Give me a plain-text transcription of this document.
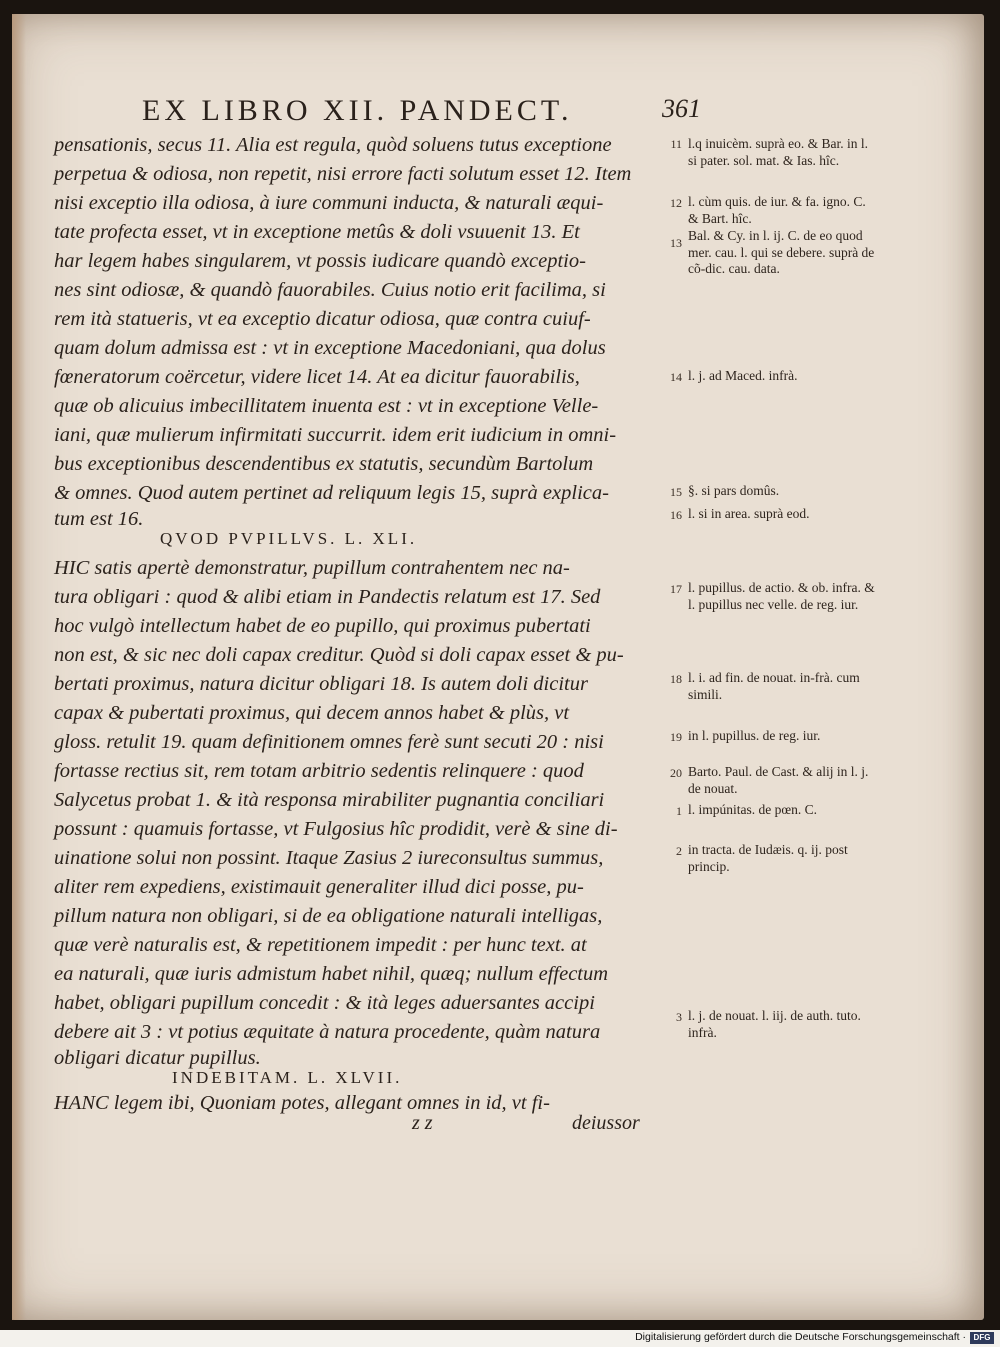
EX LIBRO XII. PANDECT.	361
pensationis, secus 11. Alia est regula, quòd soluens tutus exceptione
perpetua & odiosa, non repetit, nisi errore facti solutum esset 12. Item
nisi exceptio illa odiosa, à iure communi inducta, & naturali æqui-
tate profecta esset, vt in exceptione metûs & doli vsuuenit 13. Et
har legem habes singularem, vt possis iudicare quandò exceptio-
nes sint odiosæ, & quandò fauorabiles. Cuius notio erit facilima, si
rem ità statueris, vt ea exceptio dicatur odiosa, quæ contra cuiuf-
quam dolum admissa est : vt in exceptione Macedoniani, qua dolus
fœneratorum coërcetur, videre licet 14. At ea dicitur fauorabilis,
quæ ob alicuius imbecillitatem inuenta est : vt in exceptione Velle-
iani, quæ mulierum infirmitati succurrit. idem erit iudicium in omni-
bus exceptionibus descendentibus ex statutis, secundùm Bartolum
& omnes. Quod autem pertinet ad reliquum legis 15, suprà explica-
tum est 16.
QVOD PVPILLVS. L. XLI.
HIC satis apertè demonstratur, pupillum contrahentem nec na-
tura obligari : quod & alibi etiam in Pandectis relatum est 17. Sed
hoc vulgò intellectum habet de eo pupillo, qui proximus pubertati
non est, & sic nec doli capax creditur. Quòd si doli capax esset & pu-
bertati proximus, natura dicitur obligari 18. Is autem doli dicitur
capax & pubertati proximus, qui decem annos habet & plùs, vt
gloss. retulit 19. quam definitionem omnes ferè sunt secuti 20 : nisi
fortasse rectius sit, rem totam arbitrio sedentis relinquere : quod
Salycetus probat 1. & ità responsa mirabiliter pugnantia conciliari
possunt : quamuis fortasse, vt Fulgosius hîc prodidit, verè & sine di-
uinatione solui non possint. Itaque Zasius 2 iureconsultus summus,
aliter rem expediens, existimauit generaliter illud dici posse, pu-
pillum natura non obligari, si de ea obligatione naturali intelligas,
quæ verè naturalis est, & repetitionem impedit : per hunc text. at
ea naturali, quæ iuris admistum habet nihil, quæq; nullum effectum
habet, obligari pupillum concedit : & ità leges aduersantes accipi
debere ait 3 : vt potius æquitate à natura procedente, quàm natura
obligari dicatur pupillus.
INDEBITAM. L. XLVII.
HANC legem ibi, Quoniam potes, allegant omnes in id, vt fi-
z z	deiussor
11 l.q inuicèm. suprà eo. & Bar. in l. si pater. sol. mat. & Ias. hîc.
12 l. cùm quis. de iur. & fa. igno. C. & Bart. hîc.
13 Bal. & Cy. in l. ij. C. de eo quod mer. cau. l. qui se debere. suprà de cõ-dic. cau. data.
14 l. j. ad Maced. infrà.
15 §. si pars domûs.
16 l. si in area. suprà eod.
17 l. pupillus. de actio. & ob. infra. & l. pupillus nec velle. de reg. iur.
18 l. i. ad fin. de nouat. in-frà. cum simili.
19 in l. pupillus. de reg. iur.
20 Barto. Paul. de Cast. & alij in l. j. de nouat.
1 l. impúnitas. de pœn. C.
2 in tracta. de Iudæis. q. ij. post princip.
3 l. j. de nouat. l. iij. de auth. tuto. infrà.
Digitalisierung gefördert durch die Deutsche Forschungsgemeinschaft · DFG
